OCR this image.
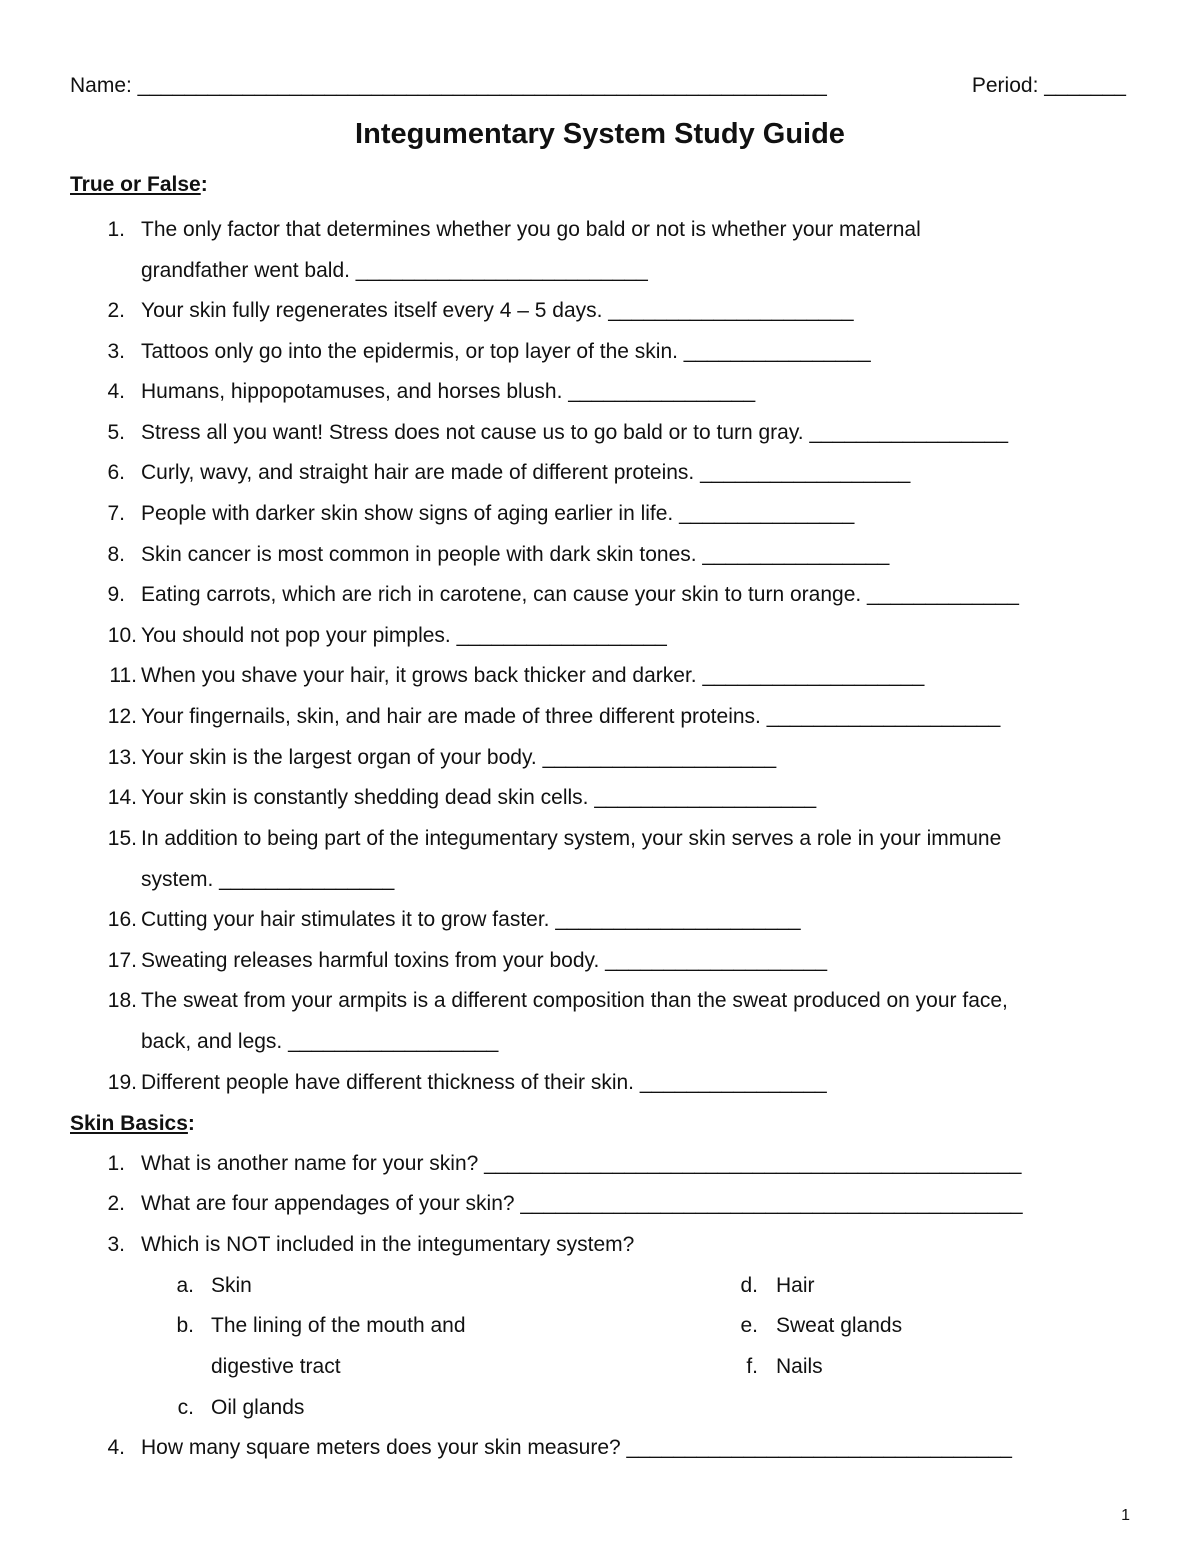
Name: ___________________________________________________________	Period: _______
Integumentary System Study Guide
True or False:
1. The only factor that determines whether you go bald or not is whether your maternal
grandfather went bald. _________________________
2. Your skin fully regenerates itself every 4 – 5 days. _____________________
3. Tattoos only go into the epidermis, or top layer of the skin. ________________
4. Humans, hippopotamuses, and horses blush. ________________
5. Stress all you want! Stress does not cause us to go bald or to turn gray. _________________
6. Curly, wavy, and straight hair are made of different proteins. __________________
7. People with darker skin show signs of aging earlier in life. _______________
8. Skin cancer is most common in people with dark skin tones. ________________
9. Eating carrots, which are rich in carotene, can cause your skin to turn orange. _____________
10. You should not pop your pimples. __________________
11. When you shave your hair, it grows back thicker and darker. ___________________
12. Your fingernails, skin, and hair are made of three different proteins. ____________________
13. Your skin is the largest organ of your body. ____________________
14. Your skin is constantly shedding dead skin cells. ___________________
15. In addition to being part of the integumentary system, your skin serves a role in your immune
system. _______________
16. Cutting your hair stimulates it to grow faster. _____________________
17. Sweating releases harmful toxins from your body. ___________________
18. The sweat from your armpits is a different composition than the sweat produced on your face,
back, and legs. __________________
19. Different people have different thickness of their skin. ________________
Skin Basics:
1. What is another name for your skin? ______________________________________________
2. What are four appendages of your skin? ___________________________________________
3. Which is NOT included in the integumentary system?
a. Skin
b. The lining of the mouth and
digestive tract
c. Oil glands
d. Hair
e. Sweat glands
f. Nails
4. How many square meters does your skin measure? _________________________________
1
